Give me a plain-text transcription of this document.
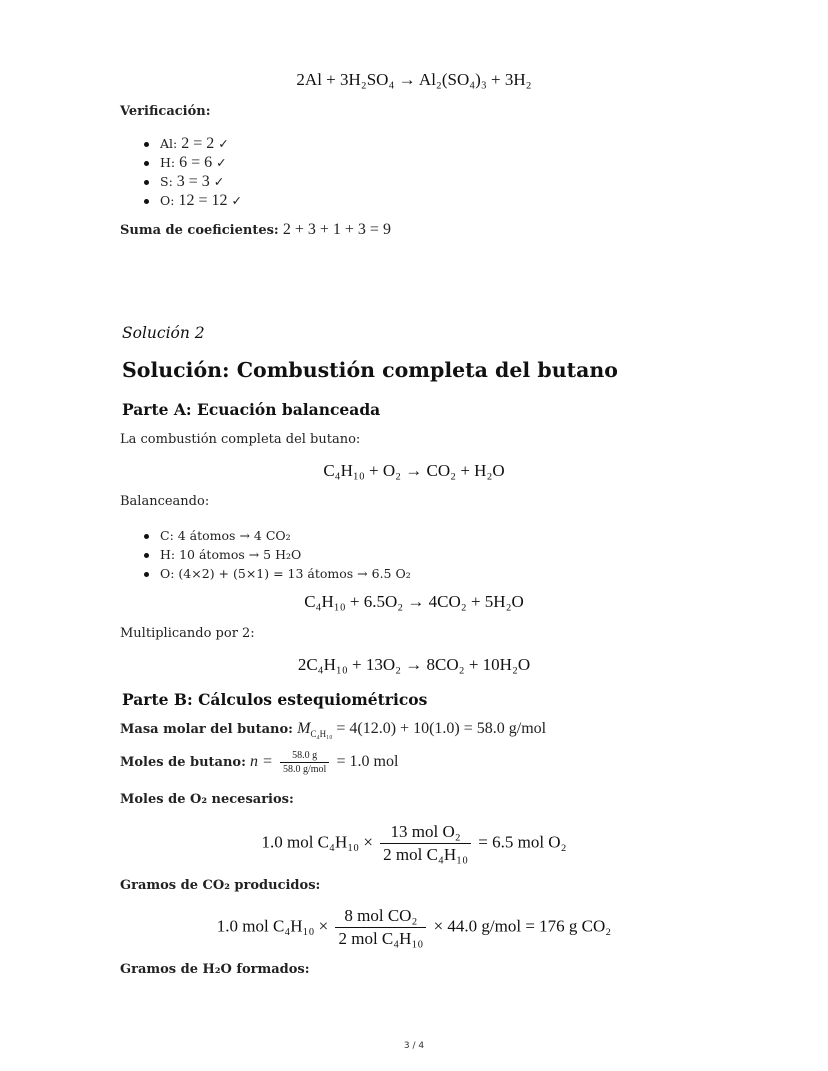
2Al + 3H₂SO₄ → Al₂(SO₄)₃ + 3H₂
Verificación:
Al: 2 = 2 ✓
H: 6 = 6 ✓
S: 3 = 3 ✓
O: 12 = 12 ✓
Suma de coeficientes: 2 + 3 + 1 + 3 = 9
Solución 2
Solución: Combustión completa del butano
Parte A: Ecuación balanceada
La combustión completa del butano:
C₄H₁₀ + O₂ → CO₂ + H₂O
Balanceando:
C: 4 átomos → 4 CO₂
H: 10 átomos → 5 H₂O
O: (4×2) + (5×1) = 13 átomos → 6.5 O₂
C₄H₁₀ + 6.5O₂ → 4CO₂ + 5H₂O
Multiplicando por 2:
2C₄H₁₀ + 13O₂ → 8CO₂ + 10H₂O
Parte B: Cálculos estequiométricos
Masa molar del butano: $M_{C_4H_{10}} = 4(12.0) + 10(1.0) = 58.0$ g/mol
Moles de butano: $n = \frac{58.0 g}{\text{58.0 g/mol}} = 1.0$ mol
Moles de O₂ necesarios:
1.0 mol $C_4H_{10} \times \frac{\text{13 mol O₂}}{\text{2 mol C₄H₁₀}} = 6.5$ mol O₂
Gramos de CO₂ producidos:
1.0 mol $C_4H_{10} \times \frac{\text{8 mol CO₂}}{\text{2 mol C₄H₁₀}} \times 44.0$ g/mol = 176 g CO₂
Gramos de H₂O formados:
3 / 4
